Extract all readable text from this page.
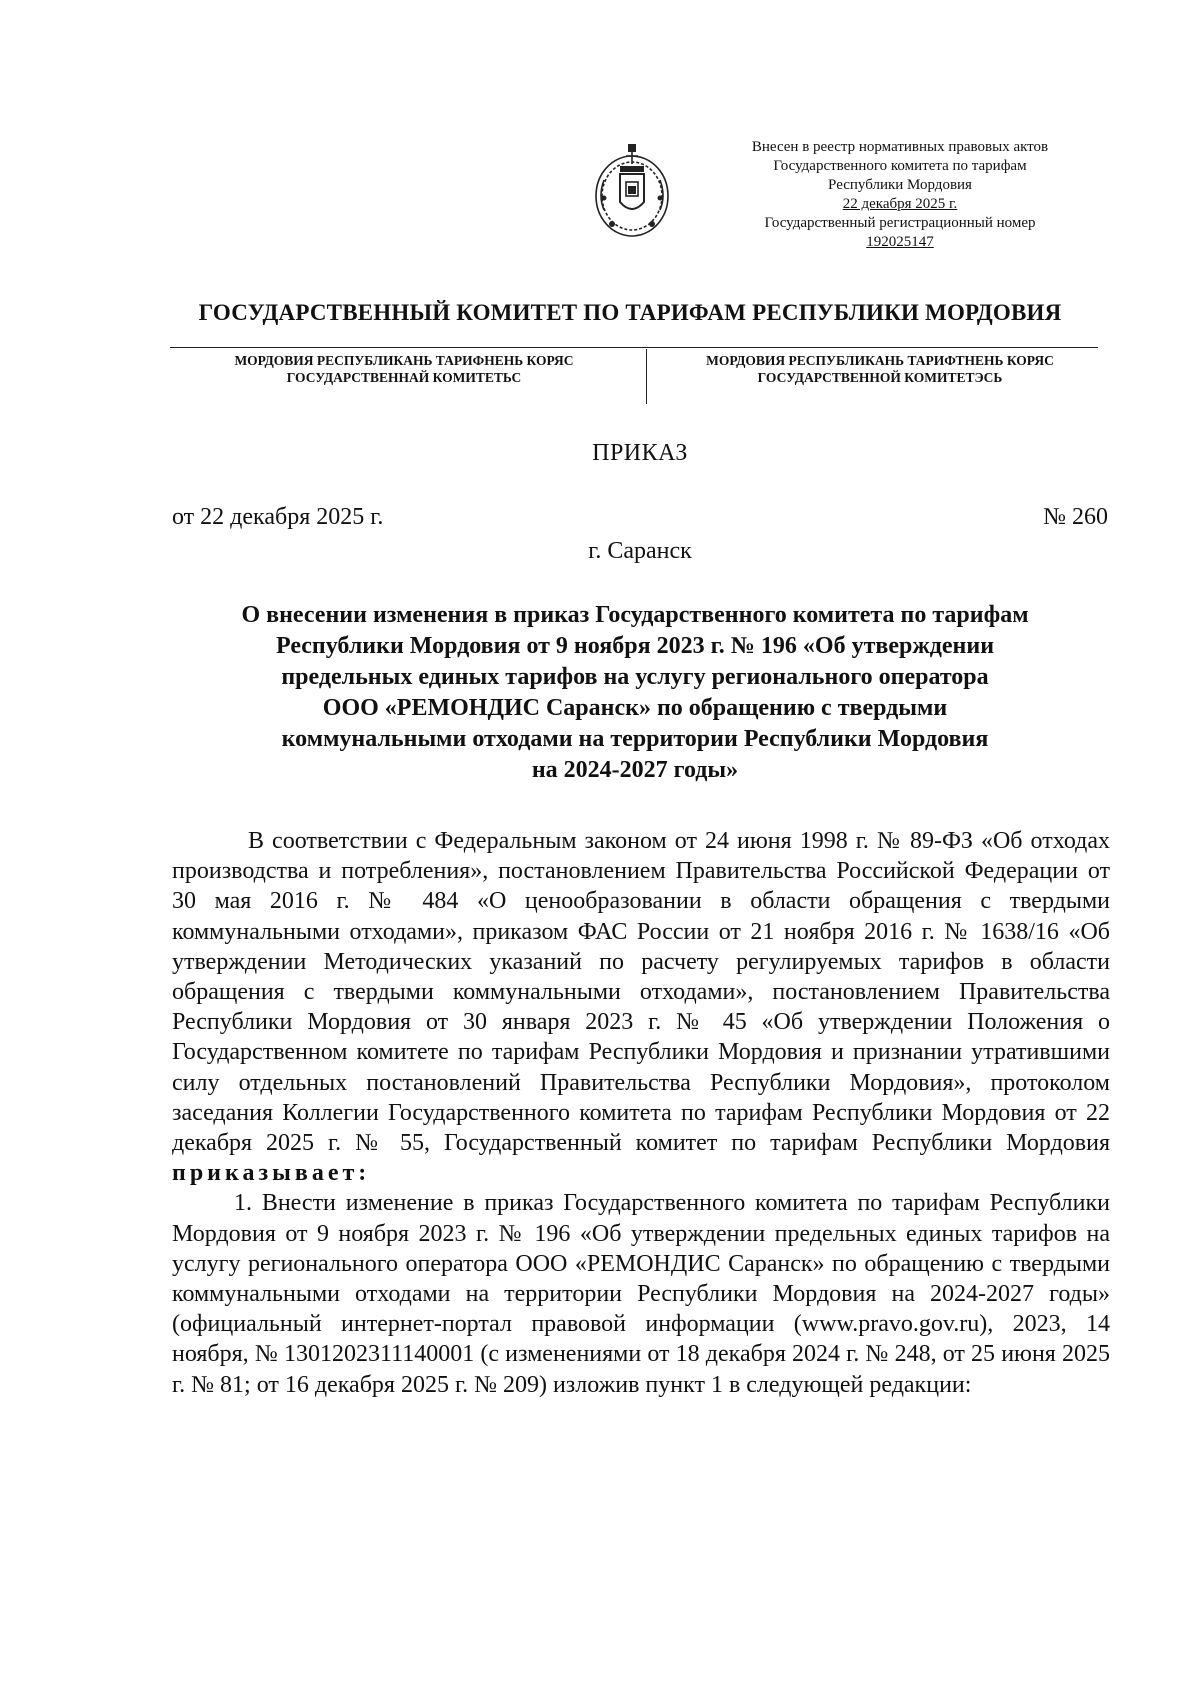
Внесен в реестр нормативных правовых актов
Государственного комитета по тарифам
Республики Мордовия
22 декабря 2025 г.
Государственный регистрационный номер
192025147
ГОСУДАРСТВЕННЫЙ КОМИТЕТ ПО ТАРИФАМ РЕСПУБЛИКИ МОРДОВИЯ
МОРДОВИЯ РЕСПУБЛИКАНЬ ТАРИФНЕНЬ КОРЯС
ГОСУДАРСТВЕННАЙ КОМИТЕТЬС
МОРДОВИЯ РЕСПУБЛИКАНЬ ТАРИФТНЕНЬ КОРЯС
ГОСУДАРСТВЕННОЙ КОМИТЕТЭСЬ
ПРИКАЗ
от 22 декабря 2025 г.	№ 260
г. Саранск
О внесении изменения в приказ Государственного комитета по тарифам
Республики Мордовия от 9 ноября 2023 г. № 196 «Об утверждении
предельных единых тарифов на услугу регионального оператора
ООО «РЕМОНДИС Саранск» по обращению с твердыми
коммунальными отходами на территории Республики Мордовия
на 2024-2027 годы»

В соответствии с Федеральным законом от 24 июня 1998 г. № 89-ФЗ «Об отходах производства и потребления», постановлением Правительства Российской Федерации от 30 мая 2016 г. № 484 «О ценообразовании в области обращения с твердыми коммунальными отходами», приказом ФАС России от 21 ноября 2016 г. № 1638/16 «Об утверждении Методических указаний по расчету регулируемых тарифов в области обращения с твердыми коммунальными отходами», постановлением Правительства Республики Мордовия от 30 января 2023 г. № 45 «Об утверждении Положения о Государственном комитете по тарифам Республики Мордовия и признании утратившими силу отдельных постановлений Правительства Республики Мордовия», протоколом заседания Коллегии Государственного комитета по тарифам Республики Мордовия от 22 декабря 2025 г. № 55, Государственный комитет по тарифам Республики Мордовия приказывает:

1. Внести изменение в приказ Государственного комитета по тарифам Республики Мордовия от 9 ноября 2023 г. № 196 «Об утверждении предельных единых тарифов на услугу регионального оператора ООО «РЕМОНДИС Саранск» по обращению с твердыми коммунальными отходами на территории Республики Мордовия на 2024-2027 годы» (официальный интернет-портал правовой информации (www.pravo.gov.ru), 2023, 14 ноября, № 1301202311140001 (с изменениями от 18 декабря 2024 г. № 248, от 25 июня 2025 г. № 81; от 16 декабря 2025 г. № 209) изложив пункт 1 в следующей редакции:
